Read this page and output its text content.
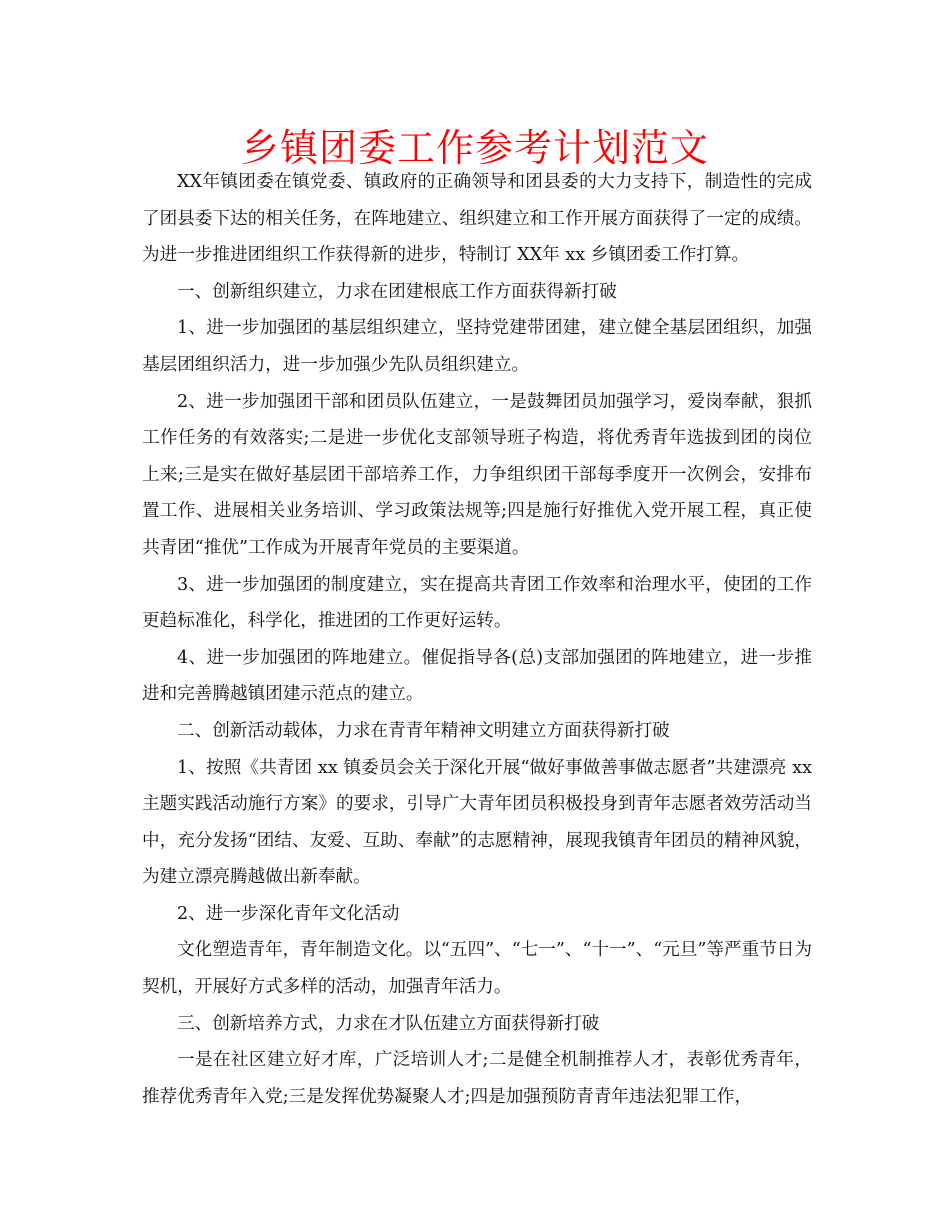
乡镇团委工作参考计划范文

XX年镇团委在镇党委、镇政府的正确领导和团县委的大力支持下，制造性的完成了团县委下达的相关任务，在阵地建立、组织建立和工作开展方面获得了一定的成绩。为进一步推进团组织工作获得新的进步，特制订 XX年 xx 乡镇团委工作打算。

一、创新组织建立，力求在团建根底工作方面获得新打破

1、进一步加强团的基层组织建立，坚持党建带团建，建立健全基层团组织，加强基层团组织活力，进一步加强少先队员组织建立。

2、进一步加强团干部和团员队伍建立，一是鼓舞团员加强学习，爱岗奉献，狠抓工作任务的有效落实;二是进一步优化支部领导班子构造，将优秀青年选拔到团的岗位上来;三是实在做好基层团干部培养工作，力争组织团干部每季度开一次例会，安排布置工作、进展相关业务培训、学习政策法规等;四是施行好推优入党开展工程，真正使共青团“推优”工作成为开展青年党员的主要渠道。

3、进一步加强团的制度建立，实在提高共青团工作效率和治理水平，使团的工作更趋标准化，科学化，推进团的工作更好运转。

4、进一步加强团的阵地建立。催促指导各(总)支部加强团的阵地建立，进一步推进和完善腾越镇团建示范点的建立。

二、创新活动载体，力求在青青年精神文明建立方面获得新打破

1、按照《共青团 xx 镇委员会关于深化开展“做好事做善事做志愿者”共建漂亮 xx 主题实践活动施行方案》的要求，引导广大青年团员积极投身到青年志愿者效劳活动当中，充分发扬“团结、友爱、互助、奉献”的志愿精神，展现我镇青年团员的精神风貌，为建立漂亮腾越做出新奉献。

2、进一步深化青年文化活动

文化塑造青年，青年制造文化。以“五四”、“七一”、“十一”、“元旦”等严重节日为契机，开展好方式多样的活动，加强青年活力。

三、创新培养方式，力求在才队伍建立方面获得新打破

一是在社区建立好才库，广泛培训人才;二是健全机制推荐人才，表彰优秀青年，推荐优秀青年入党;三是发挥优势凝聚人才;四是加强预防青青年违法犯罪工作，
